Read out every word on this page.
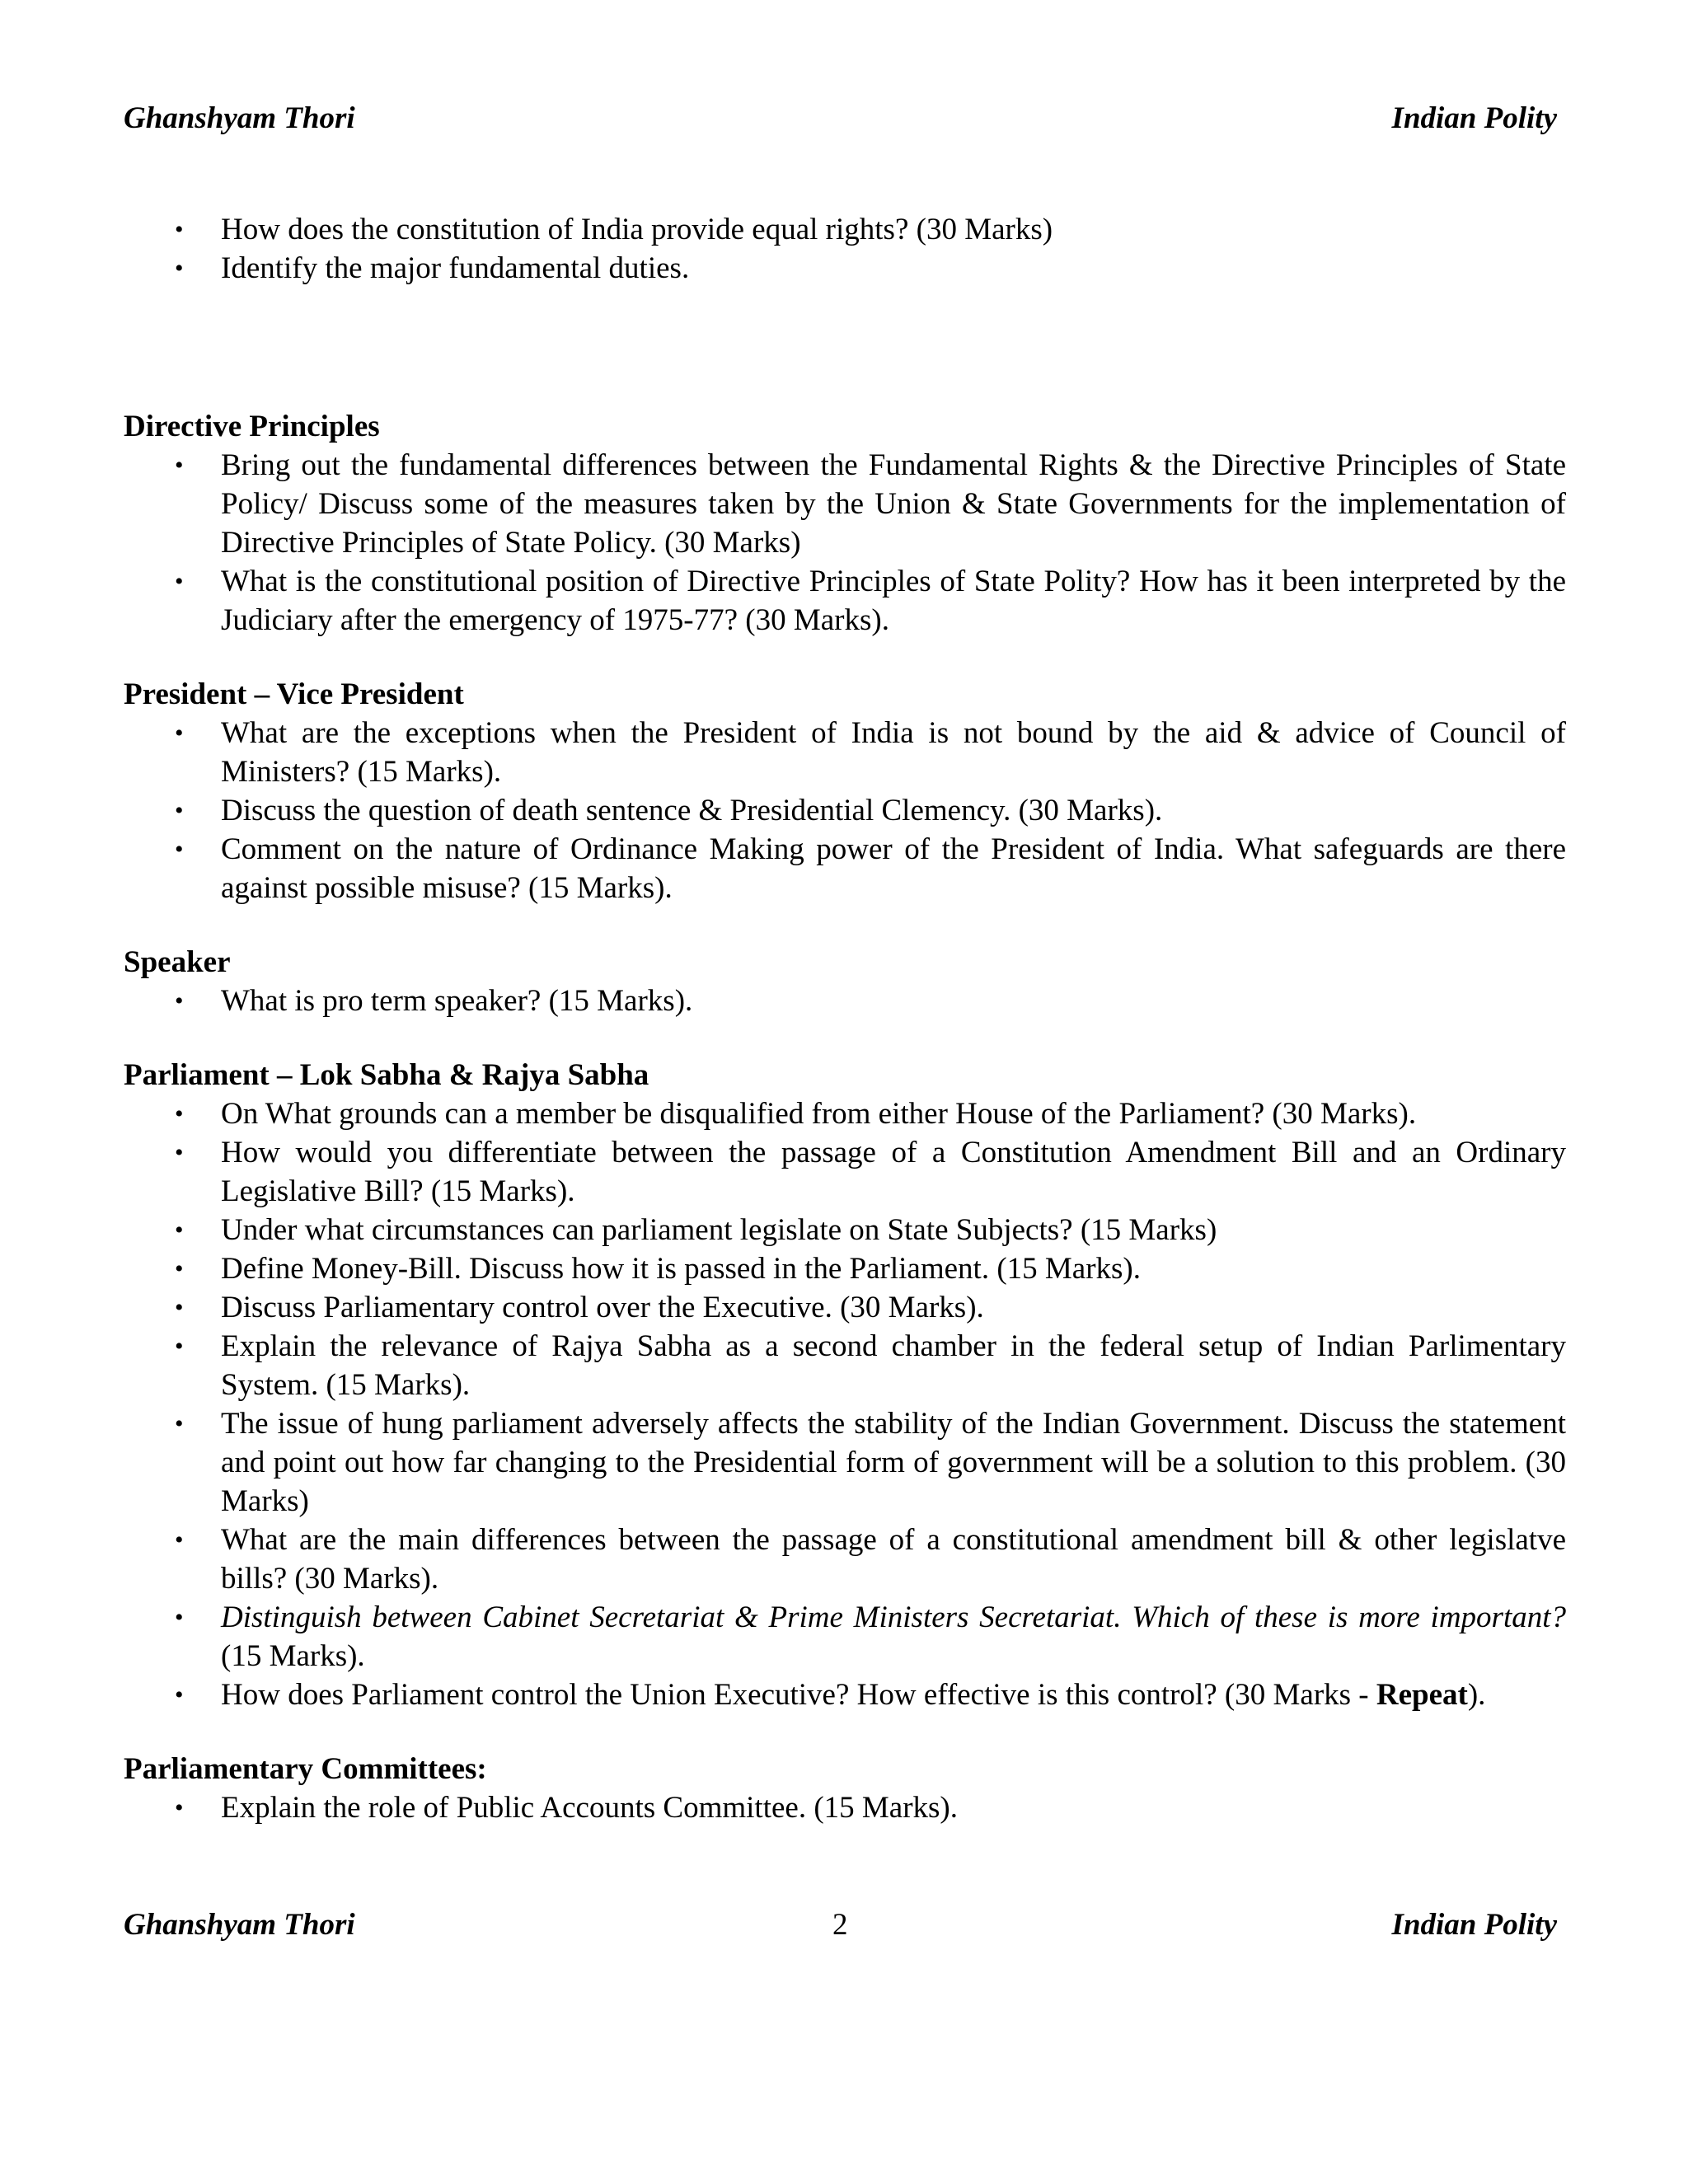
Ghanshyam Thori	Indian Polity
• How does the constitution of India provide equal rights? (30 Marks)
• Identify the major fundamental duties.
Directive Principles
• Bring out the fundamental differences between the Fundamental Rights & the Directive Principles of State Policy/ Discuss some of the measures taken by the Union & State Governments for the implementation of Directive Principles of State Policy. (30 Marks)
• What is the constitutional position of Directive Principles of State Polity? How has it been interpreted by the Judiciary after the emergency of 1975-77? (30 Marks).
President – Vice President
• What are the exceptions when the President of India is not bound by the aid & advice of Council of Ministers? (15 Marks).
• Discuss the question of death sentence & Presidential Clemency. (30 Marks).
• Comment on the nature of Ordinance Making power of the President of India. What safeguards are there against possible misuse? (15 Marks).
Speaker
• What is pro term speaker? (15 Marks).
Parliament – Lok Sabha & Rajya Sabha
• On What grounds can a member be disqualified from either House of the Parliament? (30 Marks).
• How would you differentiate between the passage of a Constitution Amendment Bill and an Ordinary Legislative Bill? (15 Marks).
• Under what circumstances can parliament legislate on State Subjects? (15 Marks)
• Define Money-Bill. Discuss how it is passed in the Parliament. (15 Marks).
• Discuss Parliamentary control over the Executive. (30 Marks).
• Explain the relevance of Rajya Sabha as a second chamber in the federal setup of Indian Parlimentary System. (15 Marks).
• The issue of hung parliament adversely affects the stability of the Indian Government. Discuss the statement and point out how far changing to the Presidential form of government will be a solution to this problem. (30 Marks)
• What are the main differences between the passage of a constitutional amendment bill & other legislatve bills? (30 Marks).
• Distinguish between Cabinet Secretariat & Prime Ministers Secretariat. Which of these is more important? (15 Marks).
• How does Parliament control the Union Executive? How effective is this control? (30 Marks - Repeat).
Parliamentary Committees:
• Explain the role of Public Accounts Committee. (15 Marks).
Ghanshyam Thori	2	Indian Polity
